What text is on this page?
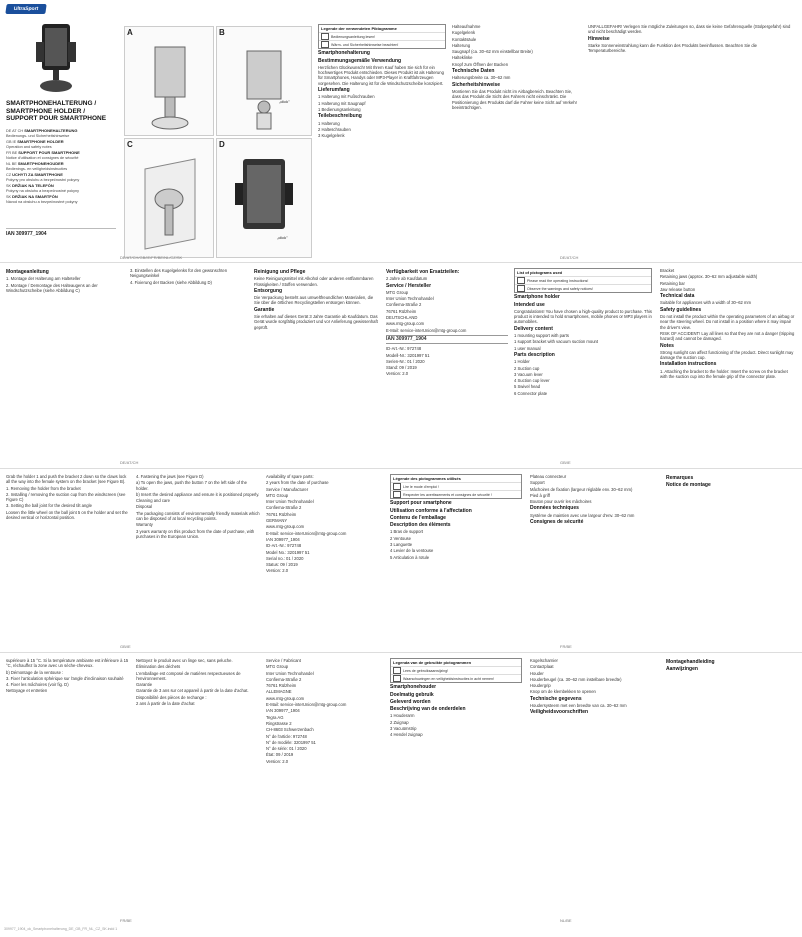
UltraSport
SMARTPHONEHALTERUNG / SMARTPHONE HOLDER / SUPPORT POUR SMARTPHONE
DE AT CH SMARTPHONEHALTERUNG
Bedienungs- und Sicherheitshinweise
GB IE SMARTPHONE HOLDER
Operation and safety notes
FR BE SUPPORT POUR SMARTPHONE
Notice d'utilisation et consignes de sécurité
NL BE SMARTPHONEHOUDER
Bedienings- en veiligheidsinstructies
CZ UCHYTI ZA SMARTPHONE
Pokyny pro obsluhu a bezpečnostní pokyny
SK DRŽIAK NA TELEFÓN
Pokyny na obsluhu a bezpečnostné pokyny
SK DRŽIAK NA SMARTFÓN
Návod na obsluhu a bezpečnostné pokyny
IAN 309977_1904
A	B
„click"
C	D
„click"
Legende der verwendeten Piktogramme
Bedienungsanleitung lesen!
Wärm- und Sicherheitshinweise beachten!
Smartphonehalterung
Bestimmungsgemäße Verwendung

Herzlichen Glückwunsch! Mit Ihrem Kauf haben Sie sich für ein hochwertiges Produkt entschieden. Dieses Produkt ist als Halterung für Smartphones, Handys oder MP3-Player in Kraftfahrzeugen vorgesehen. Die Halterung ist für die Windschutzscheibe konzipiert.

Lieferumfang

1 Halterung mit Fußschrauben

1 Halterung mit Saugnapf

1 Bedienungsanleitung

Teilebeschreibung

1 Halterung

2 Halteschrauben

3 Kugelgelenk

Halteaufnahme

Kugelgelenk

Kontaktsäule

Halterung

Saugnapf (ca. 30–62 mm einstellbar Breite)

Halteklinke

Knopf zum Öffnen der Backen

Technische Daten

Halterungsbreite ca. 30–62 mm

Sicherheitshinweise

Montieren Sie das Produkt nicht im Airbagbereich. Beachten Sie, dass das Produkt die Sicht des Fahrers nicht einschränkt. Die Positionierung des Produkts darf die Fahrer keine Sicht auf Verkehr beeinträchtigen.

UNFALLGEFAHR! Verlegen Sie mögliche Zuleitungen so, dass sie keine Gefahrenquelle (Stolpergefahr) sind und nicht beschädigt werden.

Hinweise

Starke Sonneneinstrahlung kann die Funktion des Produkts beeinflussen. Beachten Sie die Temperaturbereiche.

DE/AT/CH/GB/IE/FR/BE/NL/CZ/SK	DE/AT/CH
Montageanleitung

1. Montage der Halterung am Halteteller

2. Montage / Demontage des Halteaugens an der Windschutzscheibe (siehe Abbildung C)

3. Einstellen des Kugelgelenks für den gewünschten Neigungswinkel

4. Fixierung der Backen (siehe Abbildung D)

Reinigung und Pflege

Keine Reinigungsmittel mit Alkohol oder anderen entflammbaren Flüssigkeiten / Stoffen verwenden.

Entsorgung

Die Verpackung besteht aus umweltfreundlichen Materialien, die Sie über die örtlichen Recyclingstellen entsorgen können.

Garantie

Sie erhalten auf dieses Gerät 3 Jahre Garantie ab Kaufdatum. Das Gerät wurde sorgfältig produziert und vor Anlieferung gewissenhaft geprüft.

Verfügbarkeit von Ersatzteilen:

2 Jahre ab Kaufdatum

Service / Hersteller

MTG Group

Inter Union Technohandel

Confiema-Straße 2

76761 Rülzheim

DEUTSCHLAND

www.mtg-group.com

E-Mail: service-interUnion@mtg-group.com

IAN 309977_1904

ID-Art.-Nr.: 972748

Modell-Nr.: 3201997 51

Serien-Nr.: 01 / 2020

Stand: 09 / 2019

Version: 2.0

List of pictograms used
Please read the operating instructions!
Observe the warnings and safety notices!
Smartphone holder
Intended use

Congratulations! You have chosen a high-quality product to purchase. This product is intended to hold smartphones, mobile phones or MP3 players in automobiles.

Delivery content

1 mounting support with parts

1 support bracket with vacuum suction mount

1 user manual

Parts description

1 Holder

2 Suction cup

3 Vacuum lever

4 Suction cup lever

5 Swivel head

6 Connector plate

Bracket

Retaining jaws (approx. 30–62 mm adjustable width)

Retaining bar

Jaw release button

Technical data

Suitable for appliances with a width of 30–62 mm

Safety guidelines

Do not install the product within the operating parameters of an airbag or near the steering wheel. Do not install in a position where it may impair the driver's view.

RISK OF ACCIDENT! Lay all lines so that they are not a danger (tripping hazard) and cannot be damaged.

Notes

Strong sunlight can affect functioning of the product. Direct sunlight may damage the suction cup.

Installation instructions

1. Attaching the bracket to the holder: Insert the screw on the bracket with the suction cup into the female grip of the connector plate.

DE/AT/CH	GB/IE

Grab the holder 1 and push the bracket 2 down so the claws lock all the way into the female system on the bracket (see Figure B).

1. Removing the holder from the bracket

2. Installing / removing the suction cup from the windscreen (see Figure C)

3. Setting the ball joint for the desired tilt angle

Loosen the little wheel on the ball joint 5 on the holder and set the desired vertical or horizontal position.

4. Fastening the jaws (see Figure D)

a) To open the jaws, push the button 7 on the left side of the holder.

b) Insert the desired appliance and ensure it is positioned properly.

Cleaning and care

Disposal

The packaging consists of environmentally friendly materials which can be disposed of at local recycling points.

Warranty

3 years warranty on this product from the date of purchase, with purchases in the European Union.

Availability of spare parts:

2 years from the date of purchase

Service / Manufacturer

MTG Group

Inter Union Technohandel

Confiema-Straße 2

76761 Rülzheim

GERMANY

www.mtg-group.com

E-Mail: service-interUnion@mtg-group.com

IAN 309977_1904

ID-Art.-Nr.: 972748

Model No.: 3201997 51

Serial no.: 01 / 2020

Status: 09 / 2019

Version: 2.0

Légende des pictogrammes utilisés
Lire le mode d'emploi !
Respecter les avertissements et consignes de sécurité !
Support pour smartphone
Utilisation conforme à l'affectation
Contenu de l'emballage
Description des éléments

1 Bras de support

2 Ventouse

3 Languette

4 Levier de la ventouse

5 Articulation à rotule

Plateau connecteur

Support

Mâchoires de fixation (largeur réglable env. 30–62 mm)

Pied à griff

Bouton pour ouvrir les mâchoires

Données techniques

Système de maintien avec une largeur d'env. 30–62 mm

Consignes de sécurité
Remarques
Notice de montage
GB/IE	FR/BE

supérieure à 15 °C. Si la température ambiante est inférieure à 15 °C, réchauffez la zone avec un sèche-cheveux.

b) Démontage de la ventouse :

3. Fixer l'articulation sphérique sur l'angle d'inclinaison souhaité

4. Fixer les mâchoires (voir fig. D)

Nettoyage et entretien

Nettoyez le produit avec un linge sec, sans peluche.

Élimination des déchets

L'emballage est composé de matières respectueuses de l'environnement.

Garantie

Garantie de 3 ans sur cet appareil à partir de la date d'achat.

Disponibilité des pièces de rechange :

2 ans à partir de la date d'achat

Service / Fabricant

MTG Group

Inter Union Technohandel

Confiema-Straße 2

76761 Rülzheim

ALLEMAGNE

www.mtg-group.com

E-Mail: service-interUnion@mtg-group.com

IAN 309977_1904

Tegra AG

Ringstrasse 2

CH-8603 Schwerzenbach

N° de l'article: 972748

N° de modèle: 3201997 51

N° de série: 01 / 2020

État: 09 / 2019

Version: 2.0

Legenda van de gebruikte pictogrammen
Lees de gebruiksaanwijzing!
Waarschuwingen en veiligheidsinstructies in acht nemen!
Smartphonehouder
Doelmatig gebruik
Geleverd worden
Beschrijving van de onderdelen

1 Houderarm

2 Zuignap

3 Vacuümstrip

4 Hendel zuignap

Kogelscharnier

Contactplaat

Houder

Houderbeugel (ca. 30–62 mm instelbare breedte)

Houdergrip

Knop om de klembekken te openen

Technische gegevens

Houdersysteem met een breedte van ca. 30–62 mm

Veiligheidsvoorschriften
Montagehandleiding
Aanwijzingen
FR/BE	NL/BE
309977_1904_ok_Smartphonehalterung_DE_GB_FR_NL_CZ_SK.indd 1
